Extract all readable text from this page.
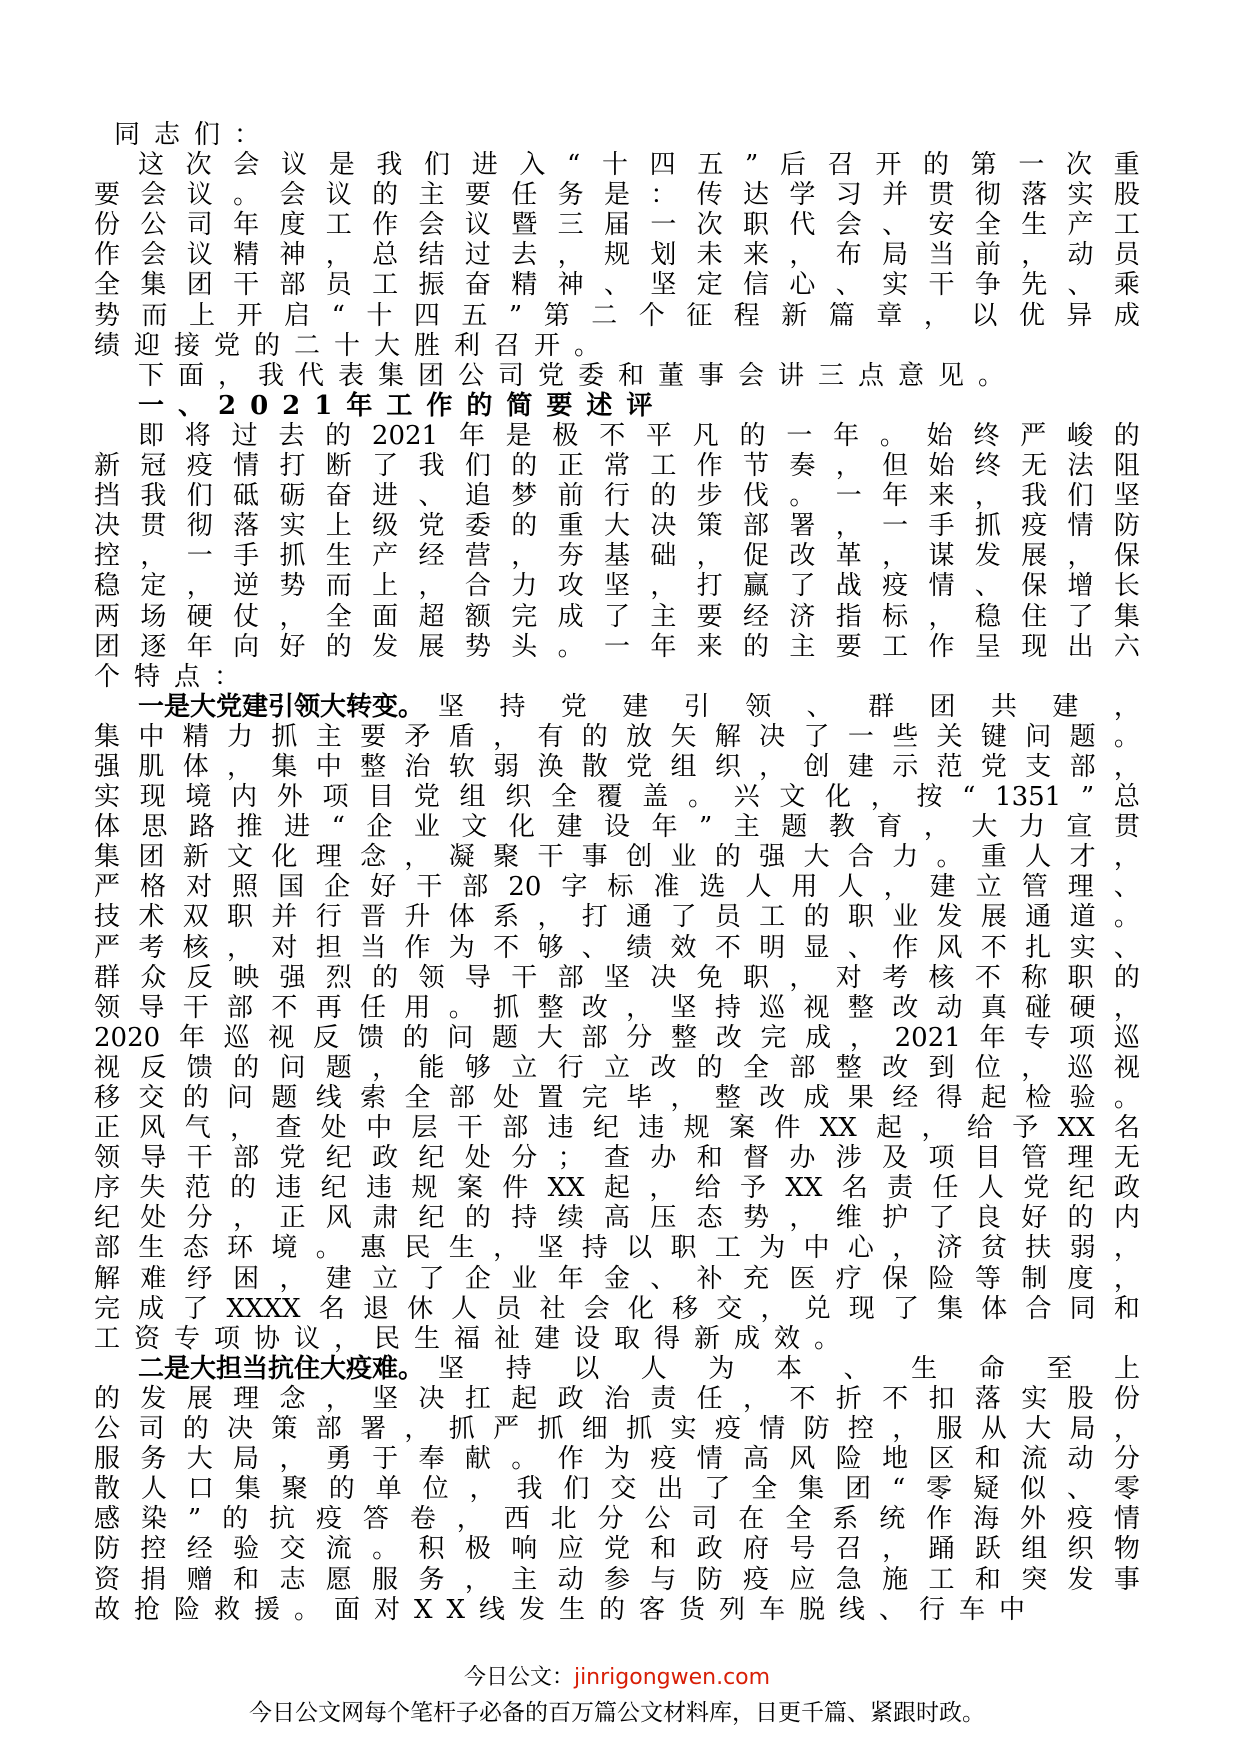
同志们：
这 次 会 议 是 我 们 进 入 “ 十 四 五 ” 后 召 开 的 第 一 次 重
要 会 议 。 会 议 的 主 要 任 务 是 ： 传 达 学 习 并 贯 彻 落 实 股
份 公 司 年 度 工 作 会 议 暨 三 届 一 次 职 代 会 、 安 全 生 产 工
作 会 议 精 神 ， 总 结 过 去 ， 规 划 未 来 ， 布 局 当 前 ， 动 员
全 集 团 干 部 员 工 振 奋 精 神 、 坚 定 信 心 、 实 干 争 先 、 乘
势 而 上 开 启 “ 十 四 五 ” 第 二 个 征 程 新 篇 章 ， 以 优 异 成
绩迎接党的二十大胜利召开。
下面，我代表集团公司党委和董事会讲三点意见。
一、2021年工作的简要述评
即 将 过 去 的 2021 年 是 极 不 平 凡 的 一 年 。 始 终 严 峻 的
新 冠 疫 情 打 断 了 我 们 的 正 常 工 作 节 奏 ， 但 始 终 无 法 阻
挡 我 们 砥 砺 奋 进 、 追 梦 前 行 的 步 伐 。 一 年 来 ， 我 们 坚
决 贯 彻 落 实 上 级 党 委 的 重 大 决 策 部 署 ， 一 手 抓 疫 情 防
控 ， 一 手 抓 生 产 经 营 ， 夯 基 础 ， 促 改 革 ， 谋 发 展 ， 保
稳 定 ， 逆 势 而 上 ， 合 力 攻 坚 ， 打 赢 了 战 疫 情 、 保 增 长
两 场 硬 仗 ， 全 面 超 额 完 成 了 主 要 经 济 指 标 ， 稳 住 了 集
团 逐 年 向 好 的 发 展 势 头 。 一 年 来 的 主 要 工 作 呈 现 出 六
个特点：
一是大党建引领大转变。 坚 持 党 建 引 领 、 群 团 共 建 ，
集 中 精 力 抓 主 要 矛 盾 ， 有 的 放 矢 解 决 了 一 些 关 键 问 题 。
强 肌 体 ， 集 中 整 治 软 弱 涣 散 党 组 织 ， 创 建 示 范 党 支 部 ，
实 现 境 内 外 项 目 党 组 织 全 覆 盖 。 兴 文 化 ， 按 “ 1351 ” 总
体 思 路 推 进 “ 企 业 文 化 建 设 年 ” 主 题 教 育 ， 大 力 宣 贯
集 团 新 文 化 理 念 ， 凝 聚 干 事 创 业 的 强 大 合 力 。 重 人 才 ，
严 格 对 照 国 企 好 干 部 20 字 标 准 选 人 用 人 ， 建 立 管 理 、
技 术 双 职 并 行 晋 升 体 系 ， 打 通 了 员 工 的 职 业 发 展 通 道 。
严 考 核 ， 对 担 当 作 为 不 够 、 绩 效 不 明 显 、 作 风 不 扎 实 、
群 众 反 映 强 烈 的 领 导 干 部 坚 决 免 职 ， 对 考 核 不 称 职 的
领 导 干 部 不 再 任 用 。 抓 整 改 ， 坚 持 巡 视 整 改 动 真 碰 硬 ，
2020 年 巡 视 反 馈 的 问 题 大 部 分 整 改 完 成 ， 2021 年 专 项 巡
视 反 馈 的 问 题 ， 能 够 立 行 立 改 的 全 部 整 改 到 位 ， 巡 视
移 交 的 问 题 线 索 全 部 处 置 完 毕 ， 整 改 成 果 经 得 起 检 验 。
正 风 气 ， 查 处 中 层 干 部 违 纪 违 规 案 件 XX 起 ， 给 予 XX 名
领 导 干 部 党 纪 政 纪 处 分 ； 查 办 和 督 办 涉 及 项 目 管 理 无
序 失 范 的 违 纪 违 规 案 件 XX 起 ， 给 予 XX 名 责 任 人 党 纪 政
纪 处 分 ， 正 风 肃 纪 的 持 续 高 压 态 势 ， 维 护 了 良 好 的 内
部 生 态 环 境 。 惠 民 生 ， 坚 持 以 职 工 为 中 心 ， 济 贫 扶 弱 ，
解 难 纾 困 ， 建 立 了 企 业 年 金 、 补 充 医 疗 保 险 等 制 度 ，
完 成 了 XXXX 名 退 休 人 员 社 会 化 移 交 ， 兑 现 了 集 体 合 同 和
工资专项协议，民生福祉建设取得新成效。
二是大担当抗住大疫难。 坚 持 以 人 为 本 、 生 命 至 上
的 发 展 理 念 ， 坚 决 扛 起 政 治 责 任 ， 不 折 不 扣 落 实 股 份
公 司 的 决 策 部 署 ， 抓 严 抓 细 抓 实 疫 情 防 控 ， 服 从 大 局 ，
服 务 大 局 ， 勇 于 奉 献 。 作 为 疫 情 高 风 险 地 区 和 流 动 分
散 人 口 集 聚 的 单 位 ， 我 们 交 出 了 全 集 团 “ 零 疑 似 、 零
感 染 ” 的 抗 疫 答 卷 ， 西 北 分 公 司 在 全 系 统 作 海 外 疫 情
防 控 经 验 交 流 。 积 极 响 应 党 和 政 府 号 召 ， 踊 跃 组 织 物
资 捐 赠 和 志 愿 服 务 ， 主 动 参 与 防 疫 应 急 施 工 和 突 发 事
故抢险救援。面对XX线发生的客货列车脱线、行车中
今日公文：jinrigongwen.com
今日公文网每个笔杆子必备的百万篇公文材料库，日更千篇、紧跟时政。
